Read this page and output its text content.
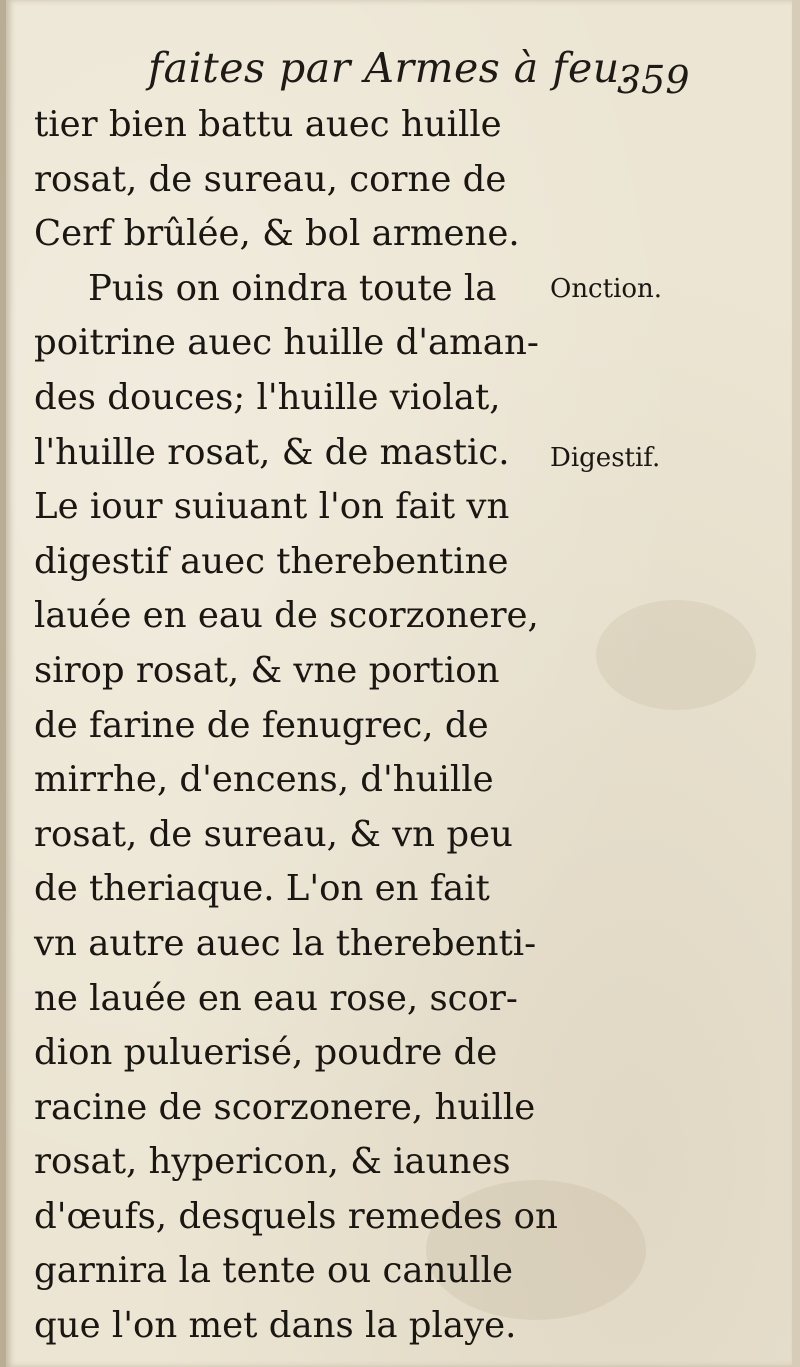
faites par Armes à feu.
359
tier bien battu auec huille
rosat, de sureau, corne de
Cerf brûlée, & bol armene.
Puis on oindra toute la
poitrine auec huille d'aman-
des douces; l'huille violat,
l'huille rosat, & de mastic.
Le iour suiuant l'on fait vn
digestif auec therebentine
lauée en eau de scorzonere,
sirop rosat, & vne portion
de farine de fenugrec, de
mirrhe, d'encens, d'huille
rosat, de sureau, & vn peu
de theriaque. L'on en fait
vn autre auec la therebenti-
ne lauée en eau rose, scor-
dion puluerisé, poudre de
racine de scorzonere, huille
rosat, hypericon, & iaunes
d'œufs, desquels remedes on
garnira la tente ou canulle
que l'on met dans la playe.
Onction.
Digestif.
